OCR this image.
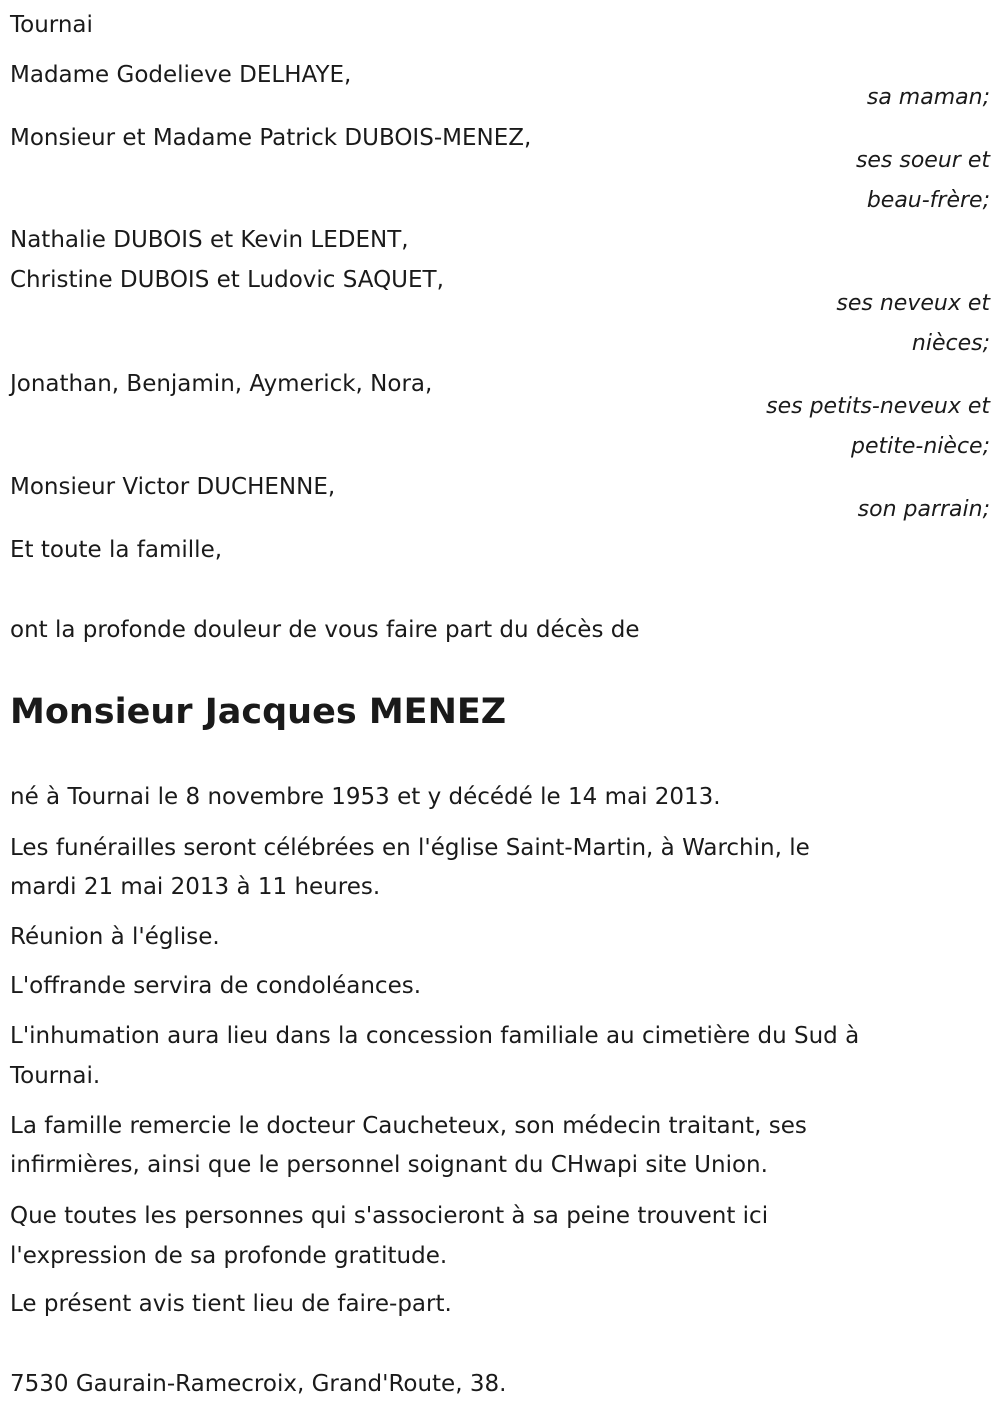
Tournai
Madame Godelieve DELHAYE,
sa maman;
Monsieur et Madame Patrick DUBOIS-MENEZ,
ses soeur et
beau-frère;
Nathalie DUBOIS et Kevin LEDENT,
Christine DUBOIS et Ludovic SAQUET,
ses neveux et
nièces;
Jonathan, Benjamin, Aymerick, Nora,
ses petits-neveux et
petite-nièce;
Monsieur Victor DUCHENNE,
son parrain;
Et toute la famille,
ont la profonde douleur de vous faire part du décès de
Monsieur Jacques MENEZ
né à Tournai le 8 novembre 1953 et y décédé le 14 mai 2013.
Les funérailles seront célébrées en l'église Saint-Martin, à Warchin, le
mardi 21 mai 2013 à 11 heures.
Réunion à l'église.
L'offrande servira de condoléances.
L'inhumation aura lieu dans la concession familiale au cimetière du Sud à
Tournai.
La famille remercie le docteur Caucheteux, son médecin traitant, ses
infirmières, ainsi que le personnel soignant du CHwapi site Union.
Que toutes les personnes qui s'associeront à sa peine trouvent ici
l'expression de sa profonde gratitude.
Le présent avis tient lieu de faire-part.
7530 Gaurain-Ramecroix, Grand'Route, 38.
